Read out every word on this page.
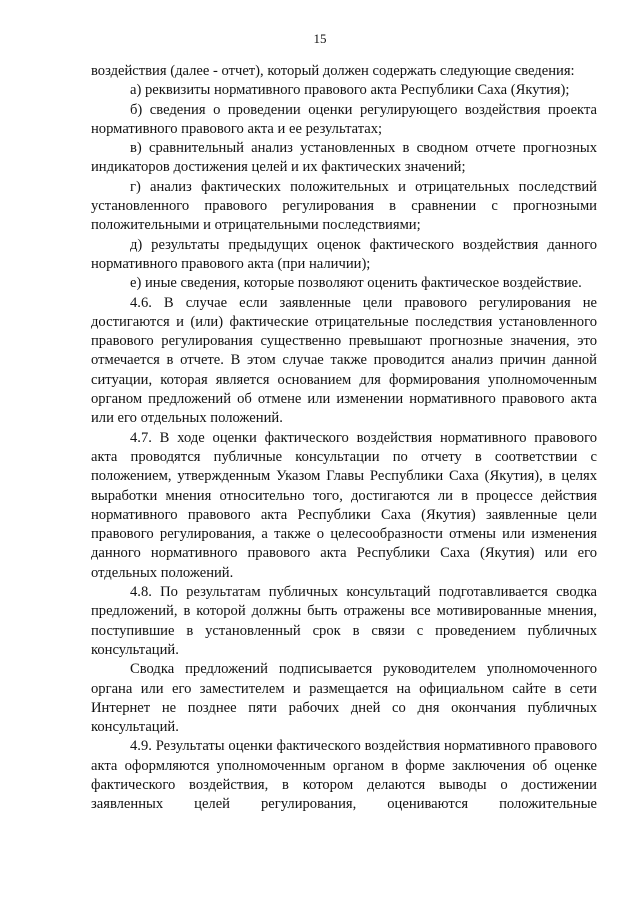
15

воздействия (далее - отчет), который должен содержать следующие сведения:

а) реквизиты нормативного правового акта Республики Саха (Якутия);

б) сведения о проведении оценки регулирующего воздействия проекта нормативного правового акта и ее результатах;

в) сравнительный анализ установленных в сводном отчете прогнозных индикаторов достижения целей и их фактических значений;

г) анализ фактических положительных и отрицательных последствий установленного правового регулирования в сравнении с прогнозными положительными и отрицательными последствиями;

д) результаты предыдущих оценок фактического воздействия данного нормативного правового акта (при наличии);

е) иные сведения, которые позволяют оценить фактическое воздействие.

4.6. В случае если заявленные цели правового регулирования не достигаются и (или) фактические отрицательные последствия установленного правового регулирования существенно превышают прогнозные значения, это отмечается в отчете. В этом случае также проводится анализ причин данной ситуации, которая является основанием для формирования уполномоченным органом предложений об отмене или изменении нормативного правового акта или его отдельных положений.

4.7. В ходе оценки фактического воздействия нормативного правового акта проводятся публичные консультации по отчету в соответствии с положением, утвержденным Указом Главы Республики Саха (Якутия), в целях выработки мнения относительно того, достигаются ли в процессе действия нормативного правового акта Республики Саха (Якутия) заявленные цели правового регулирования, а также о целесообразности отмены или изменения данного нормативного правового акта Республики Саха (Якутия) или его отдельных положений.

4.8. По результатам публичных консультаций подготавливается сводка предложений, в которой должны быть отражены все мотивированные мнения, поступившие в установленный срок в связи с проведением публичных консультаций.

Сводка предложений подписывается руководителем уполномоченного органа или его заместителем и размещается на официальном сайте в сети Интернет не позднее пяти рабочих дней со дня окончания публичных консультаций.

4.9. Результаты оценки фактического воздействия нормативного правового акта оформляются уполномоченным органом в форме заключения об оценке фактического воздействия, в котором делаются выводы о достижении заявленных целей регулирования, оцениваются положительные
